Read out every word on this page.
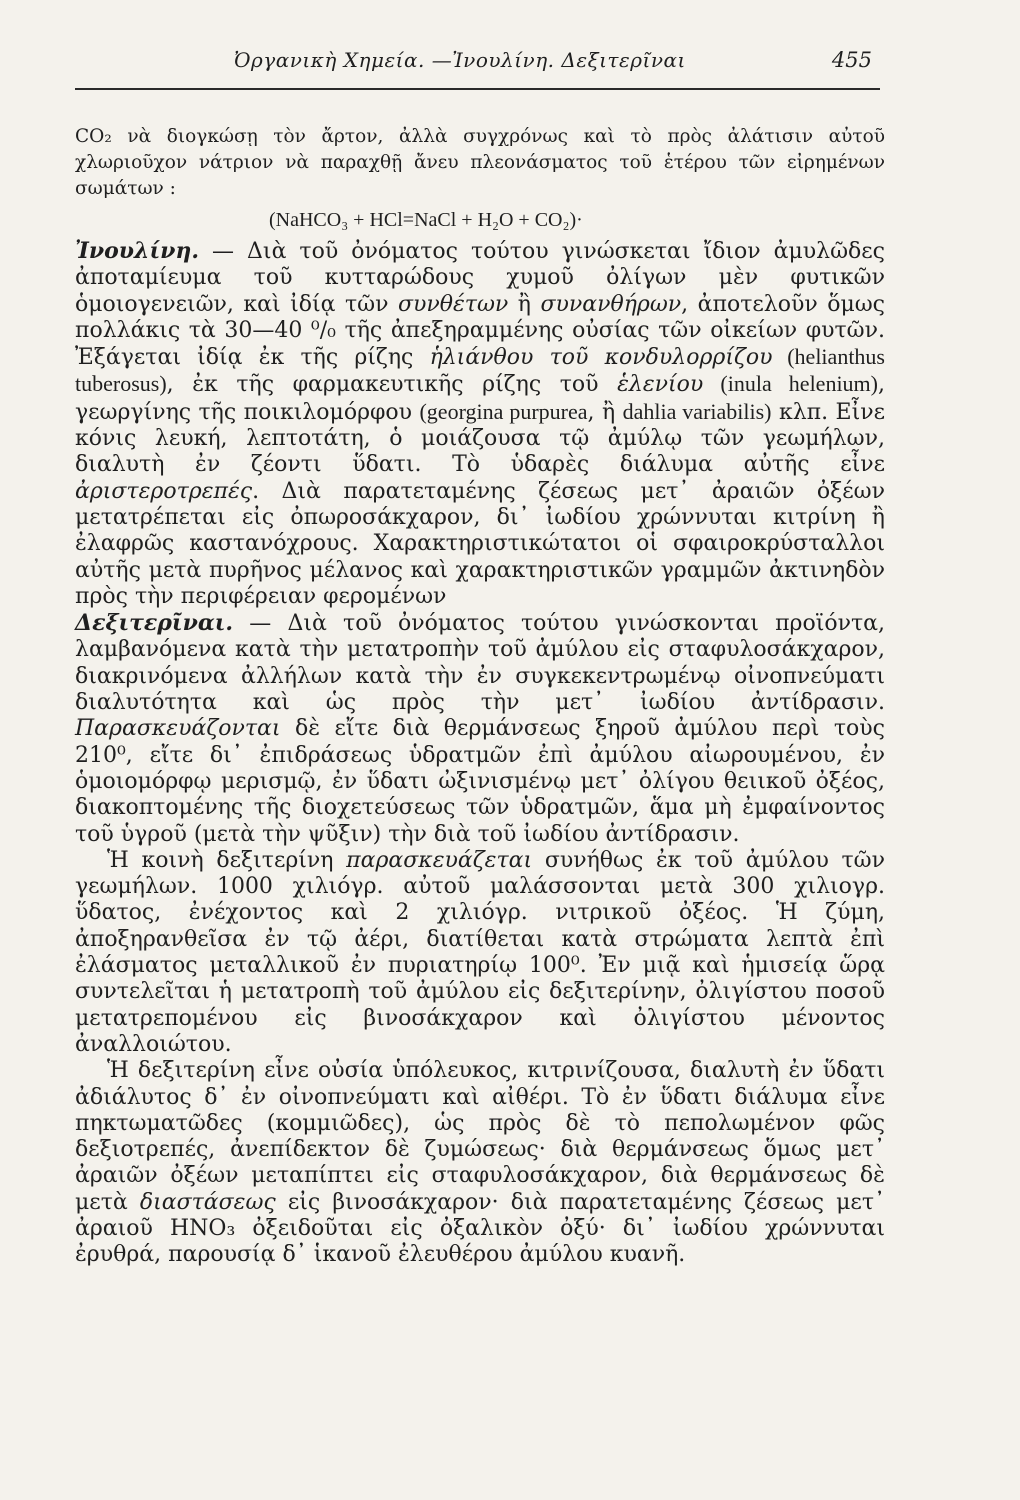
Ὀργανικὴ Χημεία. —Ἰνουλίνη. Δεξιτερῖναι	455

CO₂ νὰ διογκώσῃ τὸν ἄρτον, ἀλλὰ συγχρόνως καὶ τὸ πρὸς ἀλάτισιν αὐτοῦ χλωριοῦχον νάτριον νὰ παραχθῇ ἄνευ πλεονάσματος τοῦ ἑτέρου τῶν εἰρημένων σωμάτων :

(NaHCO₃ + HCl=NaCl + H₂O + CO₂)·

Ἰνουλίνη. — Διὰ τοῦ ὀνόματος τούτου γινώσκεται ἴδιον ἀμυλῶδες ἀποταμίευμα τοῦ κυτταρώδους χυμοῦ ὀλίγων μὲν φυτικῶν ὁμοιογενειῶν, καὶ ἰδίᾳ τῶν συνθέτων ἢ συνανθήρων, ἀποτελοῦν ὅμως πολλάκις τὰ 30—40 ⁰/₀ τῆς ἀπεξηραμμένης οὐσίας τῶν οἰκείων φυτῶν. Ἐξάγεται ἰδίᾳ ἐκ τῆς ρίζης ἡλιάνθου τοῦ κονδυλορρίζου (helianthus tuberosus), ἐκ τῆς φαρμακευτικῆς ρίζης τοῦ ἑλενίου (inula helenium), γεωργίνης τῆς ποικιλομόρφου (georgina purpurea, ἢ dahlia variabilis) κλπ. Εἶνε κόνις λευκή, λεπτοτάτη, ὁ μοιάζουσα τῷ ἀμύλῳ τῶν γεωμήλων, διαλυτὴ ἐν ζέοντι ὕδατι. Τὸ ὑδαρὲς διάλυμα αὐτῆς εἶνε ἀριστεροτρεπές. Διὰ παρατεταμένης ζέσεως μετ᾿ ἀραιῶν ὀξέων μετατρέπεται εἰς ὀπωροσάκχαρον, δι᾿ ἰωδίου χρώννυται κιτρίνη ἢ ἐλαφρῶς καστανόχρους. Χαρακτηριστικώτατοι οἱ σφαιροκρύσταλλοι αὐτῆς μετὰ πυρῆνος μέλανος καὶ χαρακτηριστικῶν γραμμῶν ἀκτινηδὸν πρὸς τὴν περιφέρειαν φερομένων

Δεξιτερῖναι. — Διὰ τοῦ ὀνόματος τούτου γινώσκονται προϊόντα, λαμβανόμενα κατὰ τὴν μετατροπὴν τοῦ ἀμύλου εἰς σταφυλοσάκχαρον, διακρινόμενα ἀλλήλων κατὰ τὴν ἐν συγκεκεντρωμένῳ οἰνοπνεύματι διαλυτότητα καὶ ὡς πρὸς τὴν μετ᾿ ἰωδίου ἀντίδρασιν. Παρασκευάζονται δὲ εἴτε διὰ θερμάνσεως ξηροῦ ἀμύλου περὶ τοὺς 210⁰, εἴτε δι᾿ ἐπιδράσεως ὑδρατμῶν ἐπὶ ἀμύλου αἰωρουμένου, ἐν ὁμοιομόρφῳ μερισμῷ, ἐν ὕδατι ὠξινισμένῳ μετ᾿ ὀλίγου θειικοῦ ὀξέος, διακοπτομένης τῆς διοχετεύσεως τῶν ὑδρατμῶν, ἅμα μὴ ἐμφαίνοντος τοῦ ὑγροῦ (μετὰ τὴν ψῦξιν) τὴν διὰ τοῦ ἰωδίου ἀντίδρασιν.

Ἡ κοινὴ δεξιτερίνη παρασκευάζεται συνήθως ἐκ τοῦ ἀμύλου τῶν γεωμήλων. 1000 χιλιόγρ. αὐτοῦ μαλάσσονται μετὰ 300 χιλιογρ. ὕδατος, ἐνέχοντος καὶ 2 χιλιόγρ. νιτρικοῦ ὀξέος. Ἡ ζύμη, ἀποξηρανθεῖσα ἐν τῷ ἀέρι, διατίθεται κατὰ στρώματα λεπτὰ ἐπὶ ἐλάσματος μεταλλικοῦ ἐν πυριατηρίῳ 100⁰. Ἐν μιᾷ καὶ ἡμισείᾳ ὥρᾳ συντελεῖται ἡ μετατροπὴ τοῦ ἀμύλου εἰς δεξιτερίνην, ὀλιγίστου ποσοῦ μετατρεπομένου εἰς βινοσάκχαρον καὶ ὀλιγίστου μένοντος ἀναλλοιώτου.

Ἡ δεξιτερίνη εἶνε οὐσία ὑπόλευκος, κιτρινίζουσα, διαλυτὴ ἐν ὕδατι ἀδιάλυτος δ᾿ ἐν οἰνοπνεύματι καὶ αἰθέρι. Τὸ ἐν ὕδατι διάλυμα εἶνε πηκτωματῶδες (κομμιῶδες), ὡς πρὸς δὲ τὸ πεπολωμένον φῶς δεξιοτρεπές, ἀνεπίδεκτον δὲ ζυμώσεως· διὰ θερμάνσεως ὅμως μετ᾿ ἀραιῶν ὀξέων μεταπίπτει εἰς σταφυλοσάκχαρον, διὰ θερμάνσεως δὲ μετὰ διαστάσεως εἰς βινοσάκχαρον· διὰ παρατεταμένης ζέσεως μετ᾿ ἀραιοῦ HNO₃ ὀξειδοῦται εἰς ὀξαλικὸν ὀξύ· δι᾿ ἰωδίου χρώννυται ἐρυθρά, παρουσίᾳ δ᾿ ἱκανοῦ ἐλευθέρου ἀμύλου κυανῆ.
